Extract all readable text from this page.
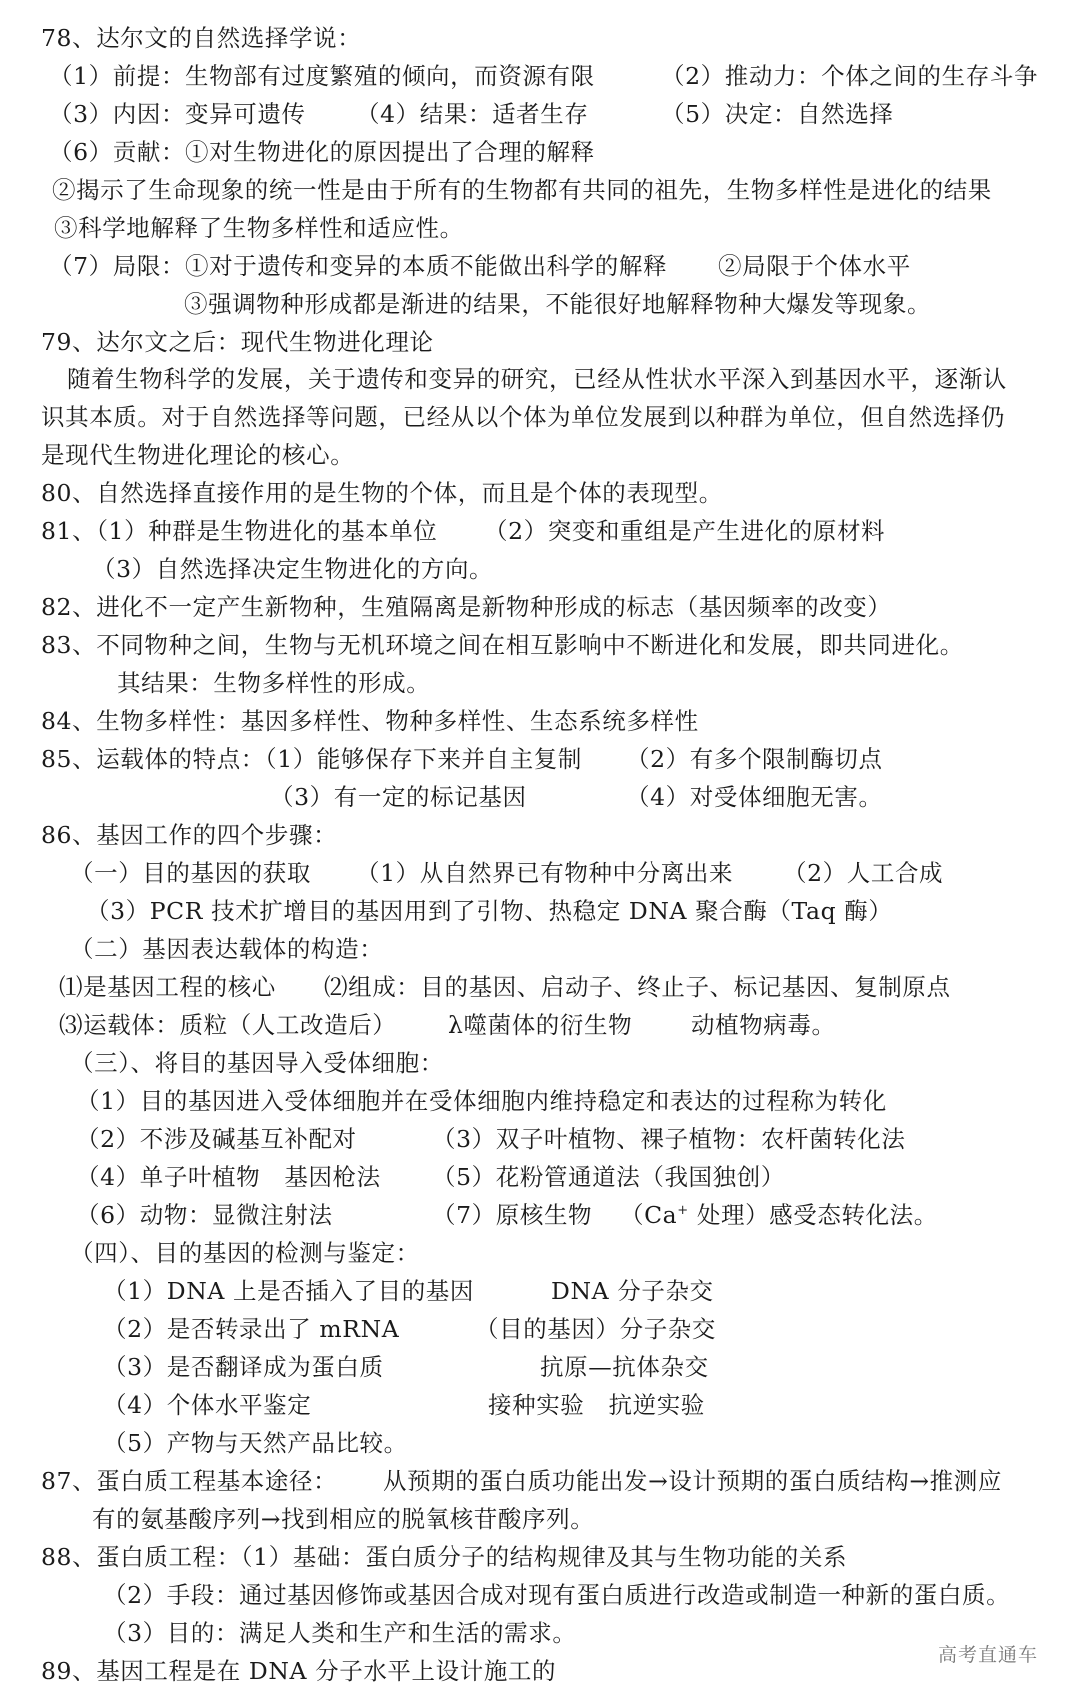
78、达尔文的自然选择学说：
（1）前提：生物部有过度繁殖的倾向，而资源有限	（2）推动力：个体之间的生存斗争
（3）内因：变异可遗传 （4）结果：适者生存	（5）决定：自然选择
（6）贡献：①对生物进化的原因提出了合理的解释
②揭示了生命现象的统一性是由于所有的生物都有共同的祖先，生物多样性是进化的结果
③科学地解释了生物多样性和适应性。
（7）局限：①对于遗传和变异的本质不能做出科学的解释 ②局限于个体水平
③强调物种形成都是渐进的结果，不能很好地解释物种大爆发等现象。
79、达尔文之后：现代生物进化理论
随着生物科学的发展，关于遗传和变异的研究，已经从性状水平深入到基因水平，逐渐认
识其本质。对于自然选择等问题，已经从以个体为单位发展到以种群为单位，但自然选择仍
是现代生物进化理论的核心。
80、自然选择直接作用的是生物的个体，而且是个体的表现型。
81、（1）种群是生物进化的基本单位 （2）突变和重组是产生进化的原材料
（3）自然选择决定生物进化的方向。
82、进化不一定产生新物种，生殖隔离是新物种形成的标志（基因频率的改变）
83、不同物种之间，生物与无机环境之间在相互影响中不断进化和发展，即共同进化。
其结果：生物多样性的形成。
84、生物多样性：基因多样性、物种多样性、生态系统多样性
85、运载体的特点：（1）能够保存下来并自主复制 （2）有多个限制酶切点
（3）有一定的标记基因	（4）对受体细胞无害。
86、基因工作的四个步骤：
（一）目的基因的获取 （1）从自然界已有物种中分离出来 （2）人工合成
（3）PCR 技术扩增目的基因用到了引物、热稳定 DNA 聚合酶（Taq 酶）
（二）基因表达载体的构造：
⑴是基因工程的核心 ⑵组成：目的基因、启动子、终止子、标记基因、复制原点
⑶运载体：质粒（人工改造后） λ噬菌体的衍生物	动植物病毒。
（三）、将目的基因导入受体细胞：
（1）目的基因进入受体细胞并在受体细胞内维持稳定和表达的过程称为转化
（2）不涉及碱基互补配对	（3）双子叶植物、裸子植物：农杆菌转化法
（4）单子叶植物　基因枪法 （5）花粉管通道法（我国独创）
（6）动物：显微注射法	（7）原核生物 （Ca+ 处理）感受态转化法。
（四）、目的基因的检测与鉴定：
（1）DNA 上是否插入了目的基因	DNA 分子杂交
（2）是否转录出了 mRNA	（目的基因）分子杂交
（3）是否翻译成为蛋白质	抗原—抗体杂交
（4）个体水平鉴定	接种实验　抗逆实验
（5）产物与天然产品比较。
87、蛋白质工程基本途径： 从预期的蛋白质功能出发→设计预期的蛋白质结构→推测应
有的氨基酸序列→找到相应的脱氧核苷酸序列。
88、蛋白质工程：（1）基础：蛋白质分子的结构规律及其与生物功能的关系
（2）手段：通过基因修饰或基因合成对现有蛋白质进行改造或制造一种新的蛋白质。
（3）目的：满足人类和生产和生活的需求。
89、基因工程是在 DNA 分子水平上设计施工的
高考直通车
